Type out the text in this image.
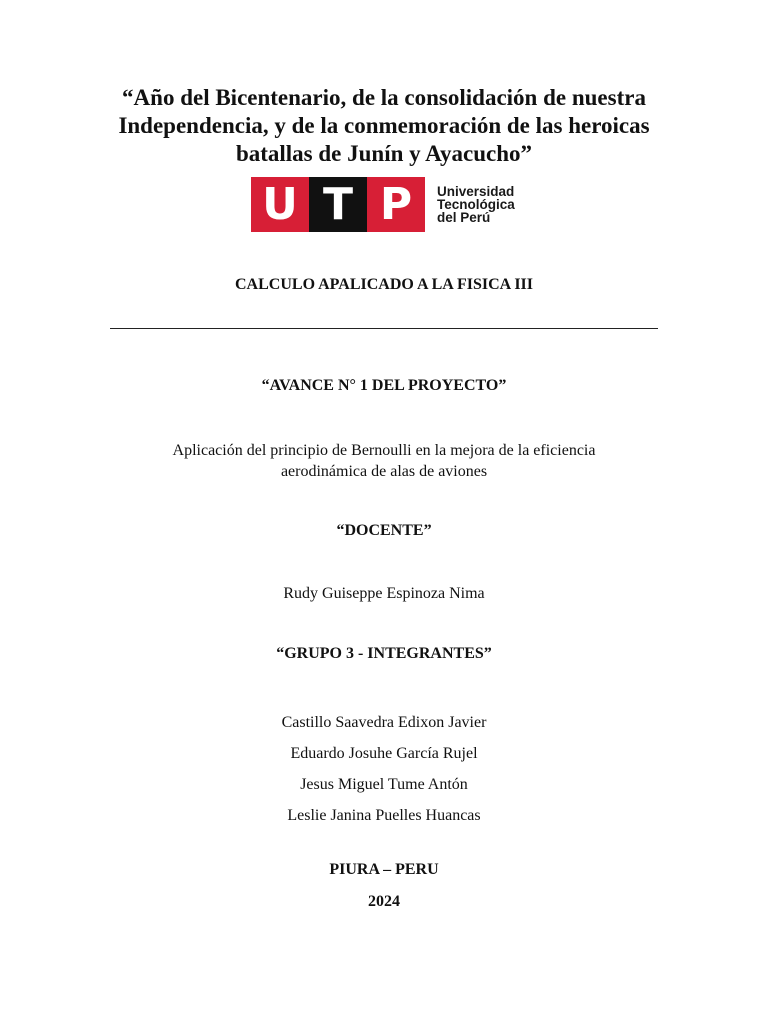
“Año del Bicentenario, de la consolidación de nuestra
Independencia, y de la conmemoración de las heroicas
batallas de Junín y Ayacucho”
U T P	Universidad
Tecnológica
del Perú
CALCULO APALICADO A LA FISICA III
“AVANCE N° 1 DEL PROYECTO”
Aplicación del principio de Bernoulli en la mejora de la eficiencia
aerodinámica de alas de aviones
“DOCENTE”
Rudy Guiseppe Espinoza Nima
“GRUPO 3 - INTEGRANTES”
Castillo Saavedra Edixon Javier
Eduardo Josuhe García Rujel
Jesus Miguel Tume Antón
Leslie Janina Puelles Huancas
PIURA – PERU
2024
